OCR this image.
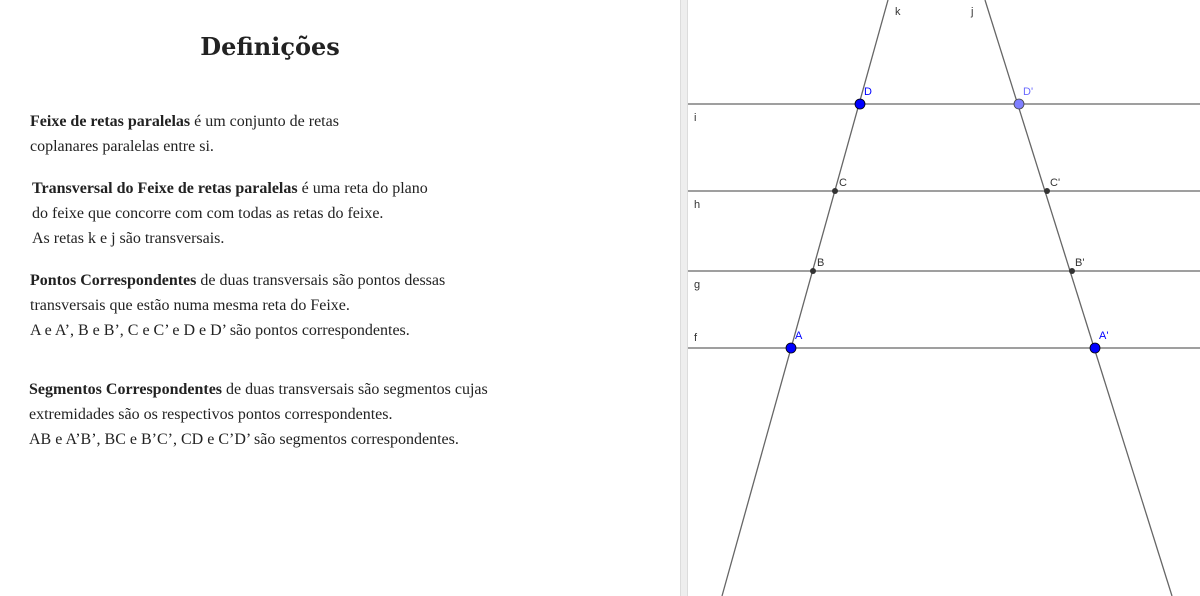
Definições
Feixe de retas paralelas é um conjunto de retas
coplanares paralelas entre si.
Transversal do Feixe de retas paralelas é uma reta do plano
do feixe que concorre com com todas as retas do feixe.
As retas k e j são transversais.
Pontos Correspondentes de duas transversais são pontos dessas
transversais que estão numa mesma reta do Feixe.
A e A’, B e B’, C e C’ e D e D’ são pontos correspondentes.
Segmentos Correspondentes de duas transversais são segmentos cujas
extremidades são os respectivos pontos correspondentes.
AB e A’B’, BC e B’C’, CD e C’D’ são segmentos correspondentes.
i
h
g
f
k	j
D	D'
C	C'
B	B'
A	A'
